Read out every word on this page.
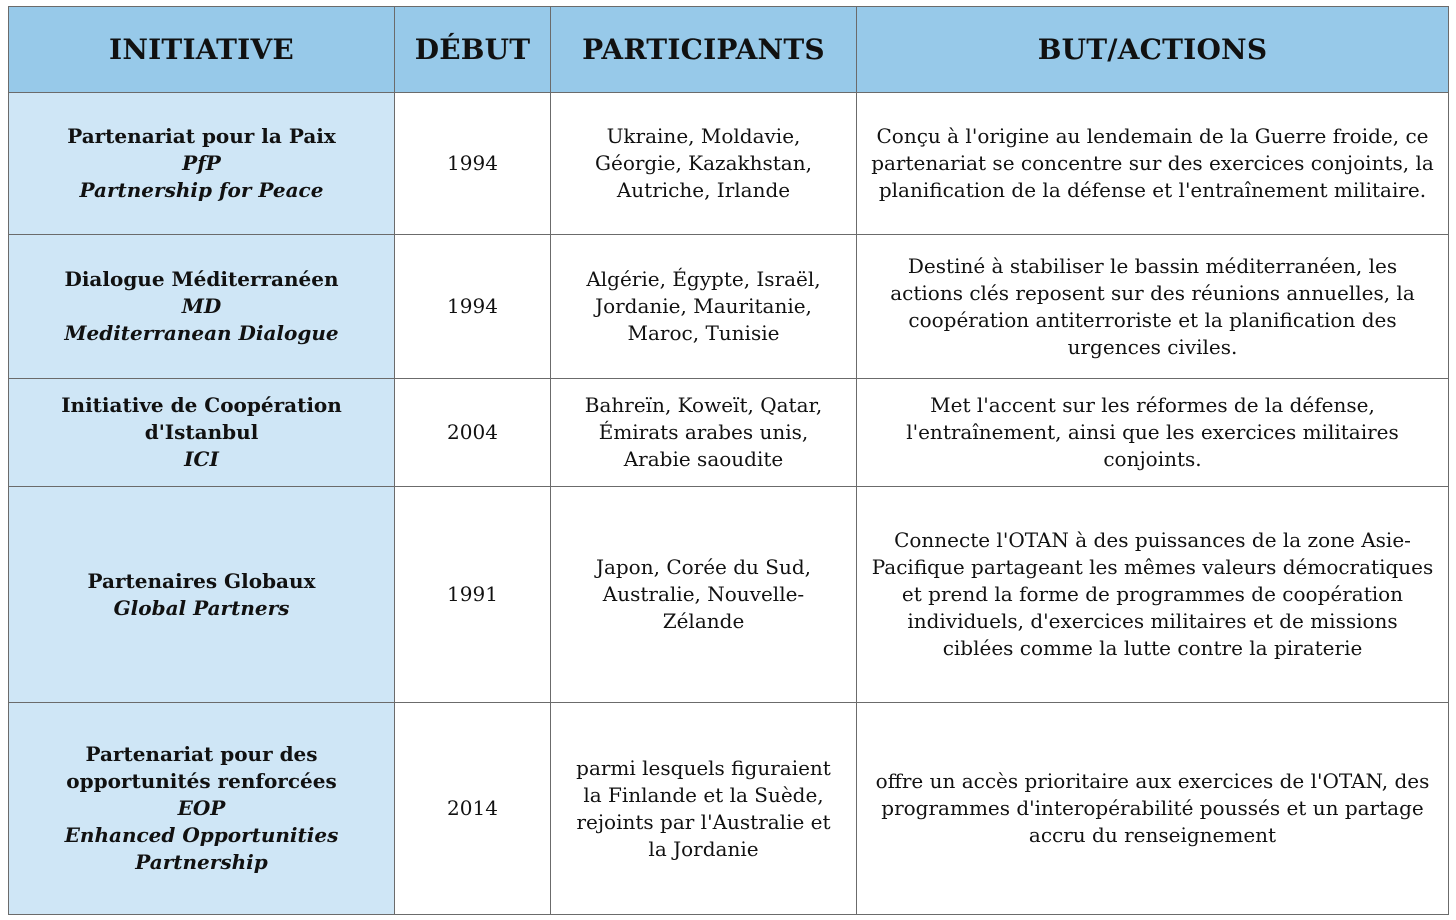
INITIATIVE	DÉBUT	PARTICIPANTS	BUT/ACTIONS

Partenariat pour la Paix
PfP
Partnership for Peace	1994	Ukraine, Moldavie, Géorgie, Kazakhstan, Autriche, Irlande	Conçu à l'origine au lendemain de la Guerre froide, ce partenariat se concentre sur des exercices conjoints, la planification de la défense et l'entraînement militaire.

Dialogue Méditerranéen
MD
Mediterranean Dialogue	1994	Algérie, Égypte, Israël, Jordanie, Mauritanie, Maroc, Tunisie	Destiné à stabiliser le bassin méditerranéen, les actions clés reposent sur des réunions annuelles, la coopération antiterroriste et la planification des urgences civiles.

Initiative de Coopération d'Istanbul
ICI	2004	Bahreïn, Koweït, Qatar, Émirats arabes unis, Arabie saoudite	Met l'accent sur les réformes de la défense, l'entraînement, ainsi que les exercices militaires conjoints.

Partenaires Globaux
Global Partners	1991	Japon, Corée du Sud, Australie, Nouvelle-Zélande	Connecte l'OTAN à des puissances de la zone Asie-Pacifique partageant les mêmes valeurs démocratiques et prend la forme de programmes de coopération individuels, d'exercices militaires et de missions ciblées comme la lutte contre la piraterie

Partenariat pour des opportunités renforcées
EOP
Enhanced Opportunities Partnership	2014	parmi lesquels figuraient la Finlande et la Suède, rejoints par l'Australie et la Jordanie	offre un accès prioritaire aux exercices de l'OTAN, des programmes d'interopérabilité poussés et un partage accru du renseignement
